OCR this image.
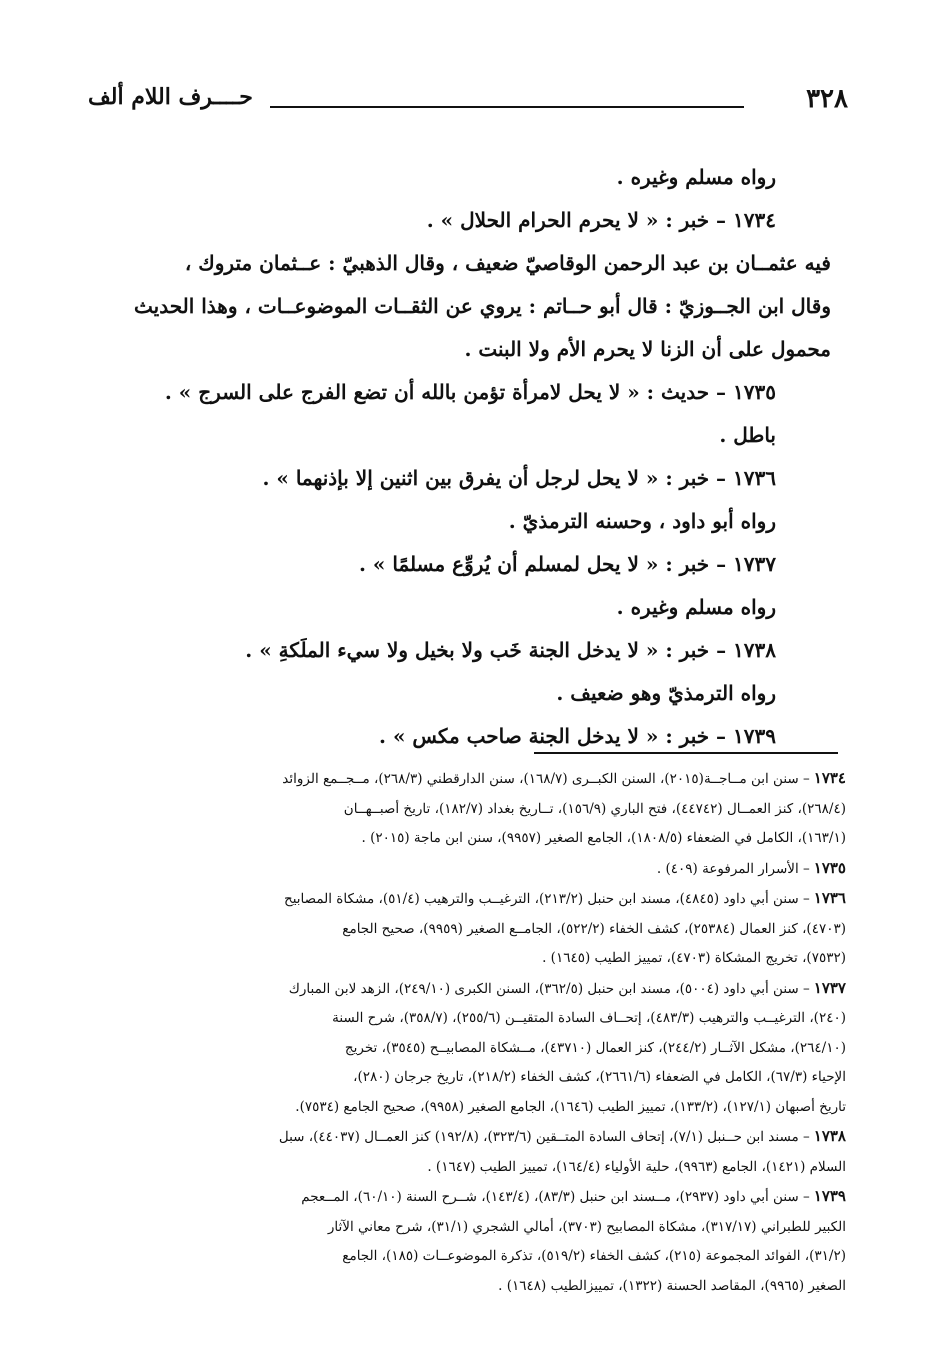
٣٢٨
حــــرف اللام ألف
رواه مسلم وغيره .
١٧٣٤ – خبر : « لا يحرم الحرام الحلال » .
فيه عثمــان بن عبد الرحمن الوقاصيّ ضعيف ، وقال الذهبيّ : عــثمان متروك ،
وقال ابن الجــوزيّ : قال أبو حــاتم : يروي عن الثقــات الموضوعــات ، وهذا الحديث
محمول على أن الزنا لا يحرم الأم ولا البنت .
١٧٣٥ – حديث : « لا يحل لامرأة تؤمن بالله أن تضع الفرج على السرج » .
باطل .
١٧٣٦ – خبر : « لا يحل لرجل أن يفرق بين اثنين إلا بإذنهما » .
رواه أبو داود ، وحسنه الترمذيّ .
١٧٣٧ – خبر : « لا يحل لمسلم أن يُروِّع مسلمًا » .
رواه مسلم وغيره .
١٧٣٨ – خبر : « لا يدخل الجنة خَب ولا بخيل ولا سيء الملَكةِ » .
رواه الترمذيّ وهو ضعيف .
١٧٣٩ – خبر : « لا يدخل الجنة صاحب مكس » .

١٧٣٤– سنن ابن مــاجــة(٢٠١٥)، السنن الكبــرى (١٦٨/٧)، سنن الدارقطني (٢٦٨/٣)، مــجــمع الزوائد
(٢٦٨/٤)، كنز العمــال (٤٤٧٤٢)، فتح الباري (١٥٦/٩)، تــاريخ بغداد (١٨٢/٧)، تاريخ أصبــهــان
(١٦٣/١)، الكامل في الضعفاء (١٨٠٨/٥)، الجامع الصغير (٩٩٥٧)، سنن ابن ماجة (٢٠١٥) .

١٧٣٥– الأسرار المرفوعة (٤٠٩) .

١٧٣٦– سنن أبي داود (٤٨٤٥)، مسند ابن حنبل (٢١٣/٢)، الترغيــب والترهيب (٥١/٤)، مشكاة المصابيح
(٤٧٠٣)، كنز العمال (٢٥٣٨٤)، كشف الخفاء (٥٢٢/٢)، الجامــع الصغير (٩٩٥٩)، صحيح الجامع
(٧٥٣٢)، تخريج المشكاة (٤٧٠٣)، تمييز الطيب (١٦٤٥) .

١٧٣٧– سنن أبي داود (٥٠٠٤)، مسند ابن حنبل (٣٦٢/٥)، السنن الكبرى (٢٤٩/١٠)، الزهد لابن المبارك
(٢٤٠)، الترغيــب والترهيب (٤٨٣/٣)، إتحــاف السادة المتقيــن (٢٥٥/٦)، (٣٥٨/٧)، شرح السنة
(٢٦٤/١٠)، مشكل الآثــار (٢٤٤/٢)، كنز العمال (٤٣٧١٠)، مــشكاة المصابيــح (٣٥٤٥)، تخريج
الإحياء (٦٧/٣)، الكامل في الضعفاء (٢٦٦١/٦)، كشف الخفاء (٢١٨/٢)، تاريخ جرجان (٢٨٠)،
تاريخ أصبهان (١٢٧/١)، (١٣٣/٢)، تمييز الطيب (١٦٤٦)، الجامع الصغير (٩٩٥٨)، صحيح الجامع (٧٥٣٤).

١٧٣٨– مسند ابن حــنبل (٧/١)، إتحاف السادة المتــقين (٣٢٣/٦)، (١٩٢/٨) كنز العمــال (٤٤٠٣٧)، سبل
السلام (١٤٢١)، الجامع (٩٩٦٣)، حلية الأولياء (١٦٤/٤)، تمييز الطيب (١٦٤٧) .

١٧٣٩– سنن أبي داود (٢٩٣٧)، مــسند ابن حنبل (٨٣/٣)، (١٤٣/٤)، شــرح السنة (٦٠/١٠)، المــعجم
الكبير للطبراني (٣١٧/١٧)، مشكاة المصابيح (٣٧٠٣)، أمالي الشجري (٣١/١)، شرح معاني الآثار
(٣١/٢)، الفوائد المجموعة (٢١٥)، كشف الخفاء (٥١٩/٢)، تذكرة الموضوعــات (١٨٥)، الجامع
الصغير (٩٩٦٥)، المقاصد الحسنة (١٣٢٢)، تمييزالطيب (١٦٤٨) .
